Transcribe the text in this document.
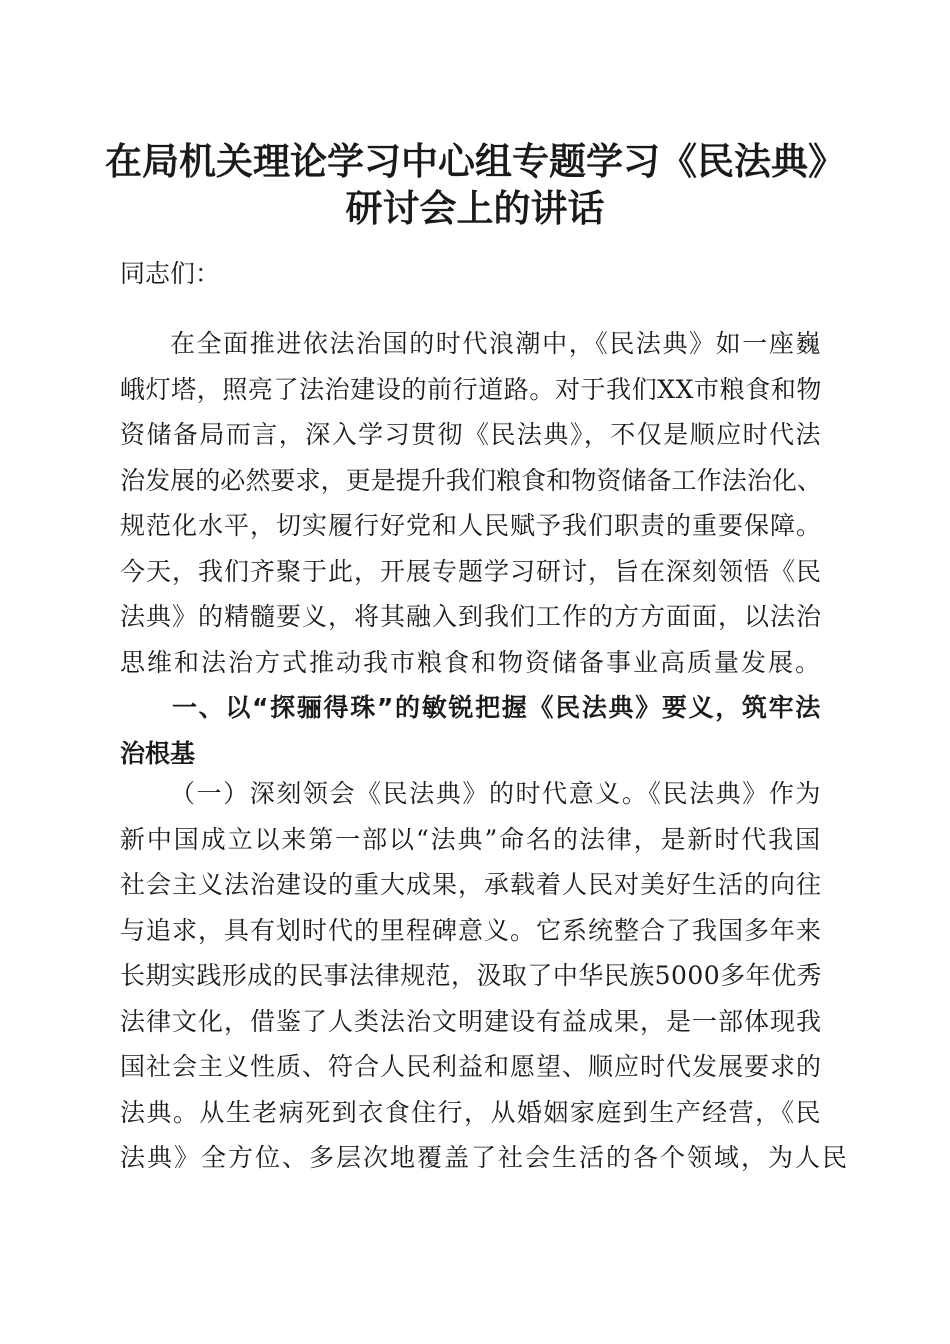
在局机关理论学习中心组专题学习《民法典》
研讨会上的讲话
同志们：
在全面推进依法治国的时代浪潮中，《民法典》如一座巍
峨灯塔，照亮了法治建设的前行道路。对于我们XX市粮食和物
资储备局而言，深入学习贯彻《民法典》，不仅是顺应时代法
治发展的必然要求，更是提升我们粮食和物资储备工作法治化、
规范化水平，切实履行好党和人民赋予我们职责的重要保障。
今天，我们齐聚于此，开展专题学习研讨，旨在深刻领悟《民
法典》的精髓要义，将其融入到我们工作的方方面面，以法治
思维和法治方式推动我市粮食和物资储备事业高质量发展。
一、以“探骊得珠”的敏锐把握《民法典》要义，筑牢法
治根基
（一）深刻领会《民法典》的时代意义。《民法典》作为
新中国成立以来第一部以“法典”命名的法律，是新时代我国
社会主义法治建设的重大成果，承载着人民对美好生活的向往
与追求，具有划时代的里程碑意义。它系统整合了我国多年来
长期实践形成的民事法律规范，汲取了中华民族5000多年优秀
法律文化，借鉴了人类法治文明建设有益成果，是一部体现我
国社会主义性质、符合人民利益和愿望、顺应时代发展要求的
法典。从生老病死到衣食住行，从婚姻家庭到生产经营，《民
法典》全方位、多层次地覆盖了社会生活的各个领域，为人民
